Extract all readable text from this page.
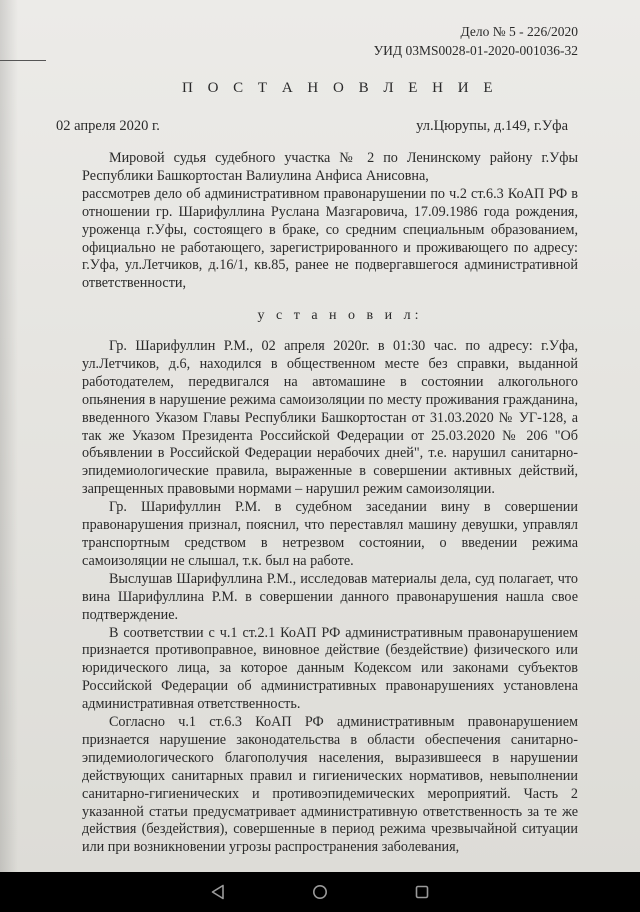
Дело № 5 - 226/2020
УИД 03MS0028-01-2020-001036-32
П О С Т А Н О В Л Е Н И Е
02 апреля 2020 г.	ул.Цюрупы, д.149, г.Уфа

Мировой судья судебного участка № 2 по Ленинскому району г.Уфы Республики Башкортостан Валиулина Анфиса Анисовна,

рассмотрев дело об административном правонарушении по ч.2 ст.6.3 КоАП РФ в отношении гр. Шарифуллина Руслана Мазгаровича, 17.09.1986 года рождения, уроженца г.Уфы, состоящего в браке, со средним специальным образованием, официально не работающего, зарегистрированного и проживающего по адресу: г.Уфа, ул.Летчиков, д.16/1, кв.85, ранее не подвергавшегося административной ответственности,

у с т а н о в и л:

Гр. Шарифуллин Р.М., 02 апреля 2020г. в 01:30 час. по адресу: г.Уфа, ул.Летчиков, д.6, находился в общественном месте без справки, выданной работодателем, передвигался на автомашине в состоянии алкогольного опьянения в нарушение режима самоизоляции по месту проживания гражданина, введенного Указом Главы Республики Башкортостан от 31.03.2020 № УГ-128, а так же Указом Президента Российской Федерации от 25.03.2020 № 206 "Об объявлении в Российской Федерации нерабочих дней", т.е. нарушил санитарно-эпидемиологические правила, выраженные в совершении активных действий, запрещенных правовыми нормами – нарушил режим самоизоляции.

Гр. Шарифуллин Р.М. в судебном заседании вину в совершении правонарушения признал, пояснил, что переставлял машину девушки, управлял транспортным средством в нетрезвом состоянии, о введении режима самоизоляции не слышал, т.к. был на работе.

Выслушав Шарифуллина Р.М., исследовав материалы дела, суд полагает, что вина Шарифуллина Р.М. в совершении данного правонарушения нашла свое подтверждение.

В соответствии с ч.1 ст.2.1 КоАП РФ административным правонарушением признается противоправное, виновное действие (бездействие) физического или юридического лица, за которое данным Кодексом или законами субъектов Российской Федерации об административных правонарушениях установлена административная ответственность.

Согласно ч.1 ст.6.3 КоАП РФ административным правонарушением признается нарушение законодательства в области обеспечения санитарно-эпидемиологического благополучия населения, выразившееся в нарушении действующих санитарных правил и гигиенических нормативов, невыполнении санитарно-гигиенических и противоэпидемических мероприятий. Часть 2 указанной статьи предусматривает административную ответственность за те же действия (бездействия), совершенные в период режима чрезвычайной ситуации или при возникновении угрозы распространения заболевания,
